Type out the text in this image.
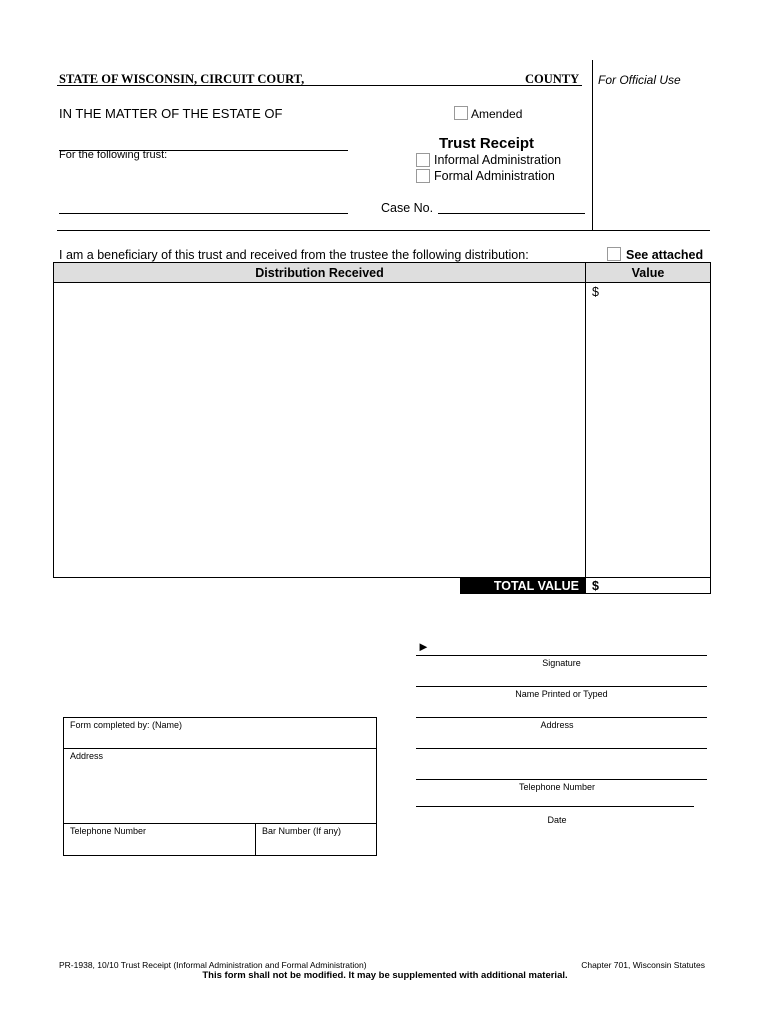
STATE OF WISCONSIN, CIRCUIT COURT,	COUNTY For Official Use
IN THE MATTER OF THE ESTATE OF	Amended
For the following trust:
Trust Receipt
Informal Administration
Formal Administration
Case No.
I am a beneficiary of this trust and received from the trustee the following distribution:	See attached
Distribution Received	Value
$
TOTAL VALUE	$
►
Signature
Name Printed or Typed
Address
Telephone Number
Date
Form completed by: (Name)
Address
Telephone Number	Bar Number (If any)
PR-1938, 10/10 Trust Receipt (Informal Administration and Formal Administration)	Chapter 701, Wisconsin Statutes
This form shall not be modified. It may be supplemented with additional material.
